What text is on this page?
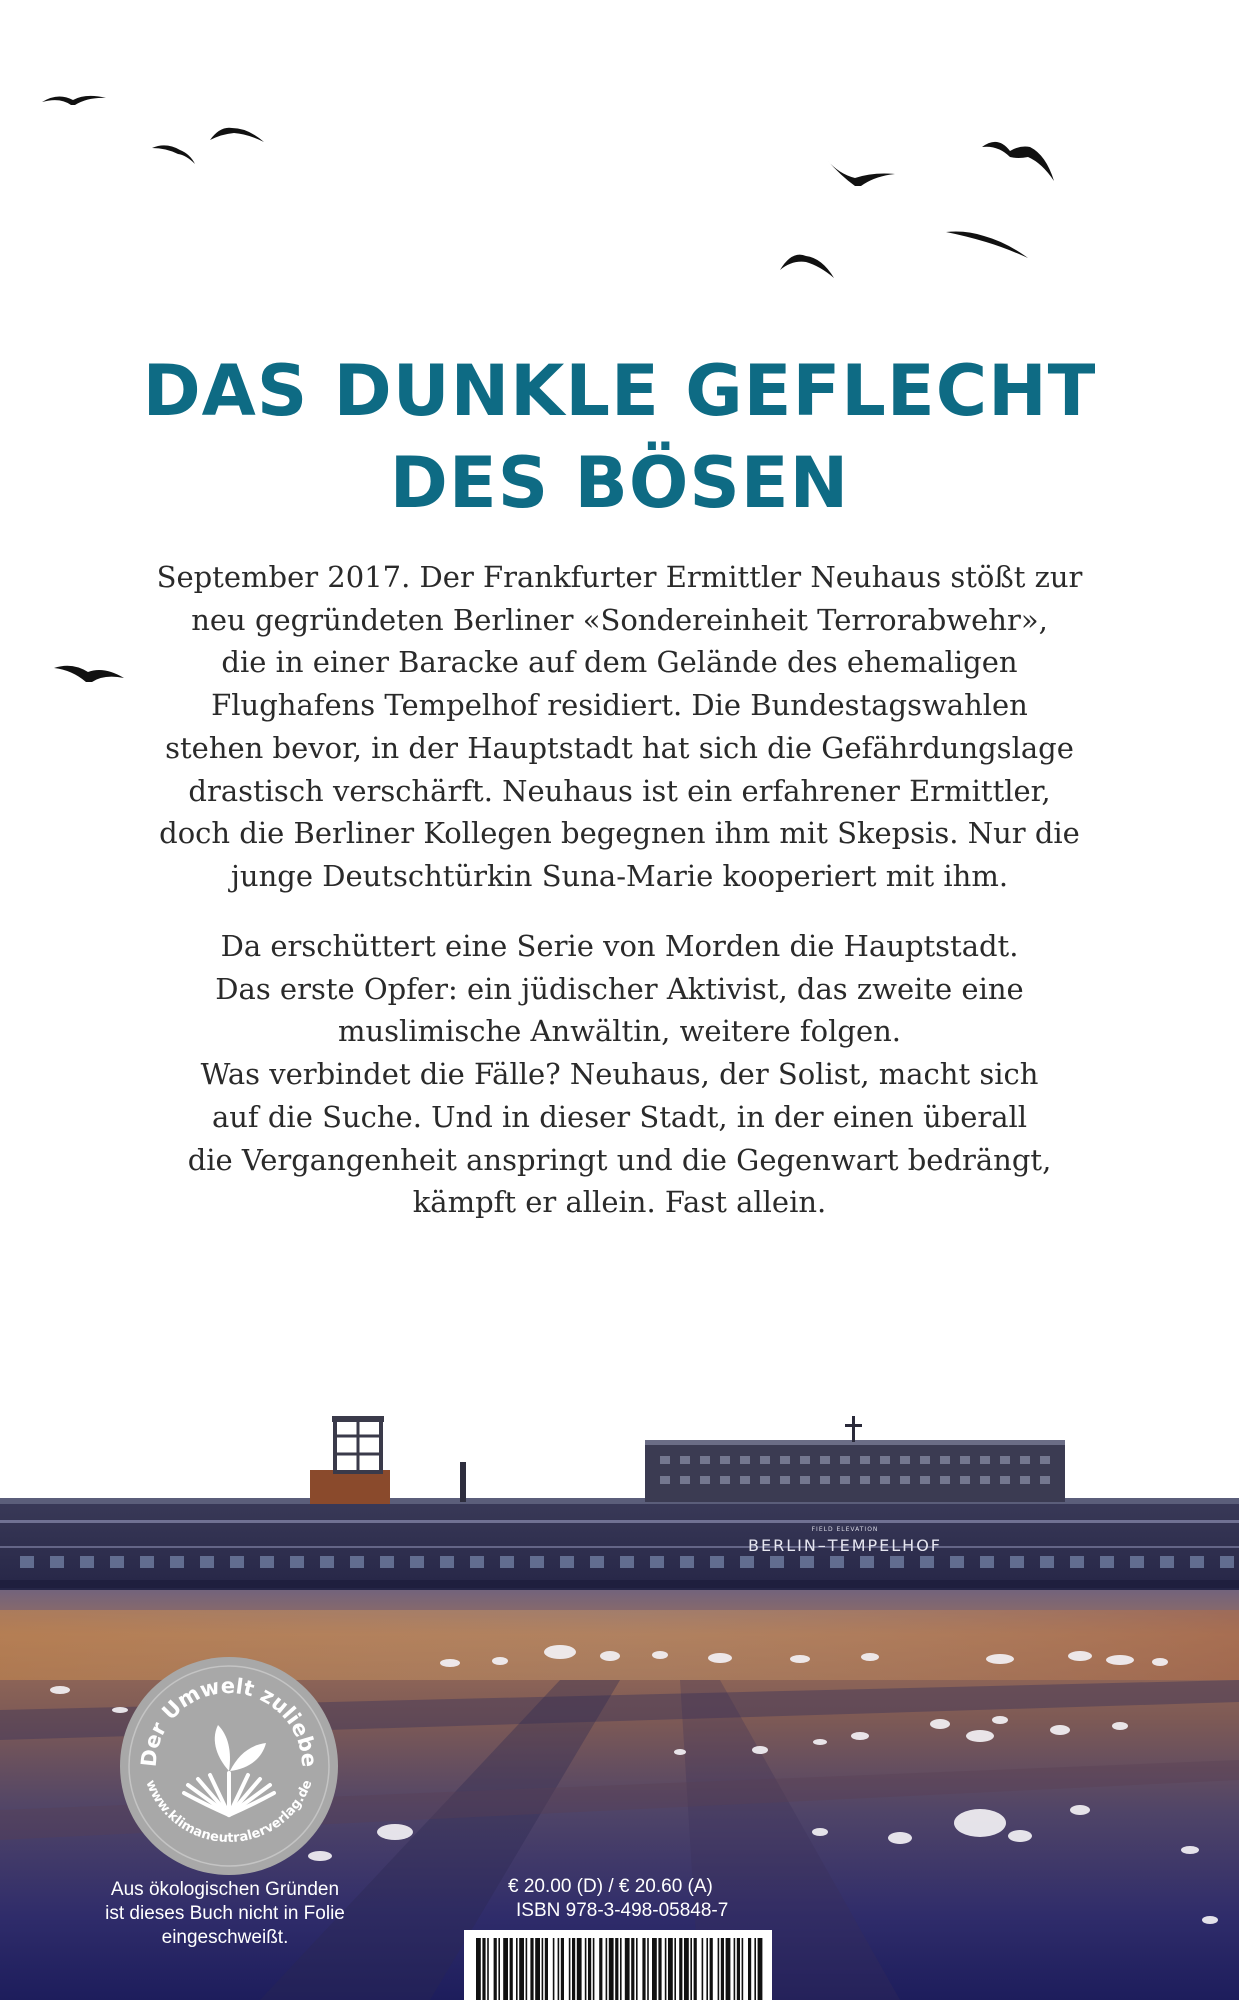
DAS DUNKLE GEFLECHT
DES BÖSEN

September 2017. Der Frankfurter Ermittler Neuhaus stößt zur
neu gegründeten Berliner «Sondereinheit Terrorabwehr»,
die in einer Baracke auf dem Gelände des ehemaligen
Flughafens Tempelhof residiert. Die Bundestagswahlen
stehen bevor, in der Hauptstadt hat sich die Gefährdungslage
drastisch verschärft. Neuhaus ist ein erfahrener Ermittler,
doch die Berliner Kollegen begegnen ihm mit Skepsis. Nur die
junge Deutschtürkin Suna-Marie kooperiert mit ihm.

Da erschüttert eine Serie von Morden die Hauptstadt.
Das erste Opfer: ein jüdischer Aktivist, das zweite eine
muslimische Anwältin, weitere folgen.
Was verbindet die Fälle? Neuhaus, der Solist, macht sich
auf die Suche. Und in dieser Stadt, in der einen überall
die Vergangenheit anspringt und die Gegenwart bedrängt,
kämpft er allein. Fast allein.

BERLIN–TEMPELHOF
FIELD ELEVATION
Der Umwelt zuliebe
www.klimaneutralerverlag.de

Aus ökologischen Gründen
ist dieses Buch nicht in Folie
eingeschweißt.

€ 20.00 (D) / € 20.60 (A)

ISBN 978-3-498-05848-7
